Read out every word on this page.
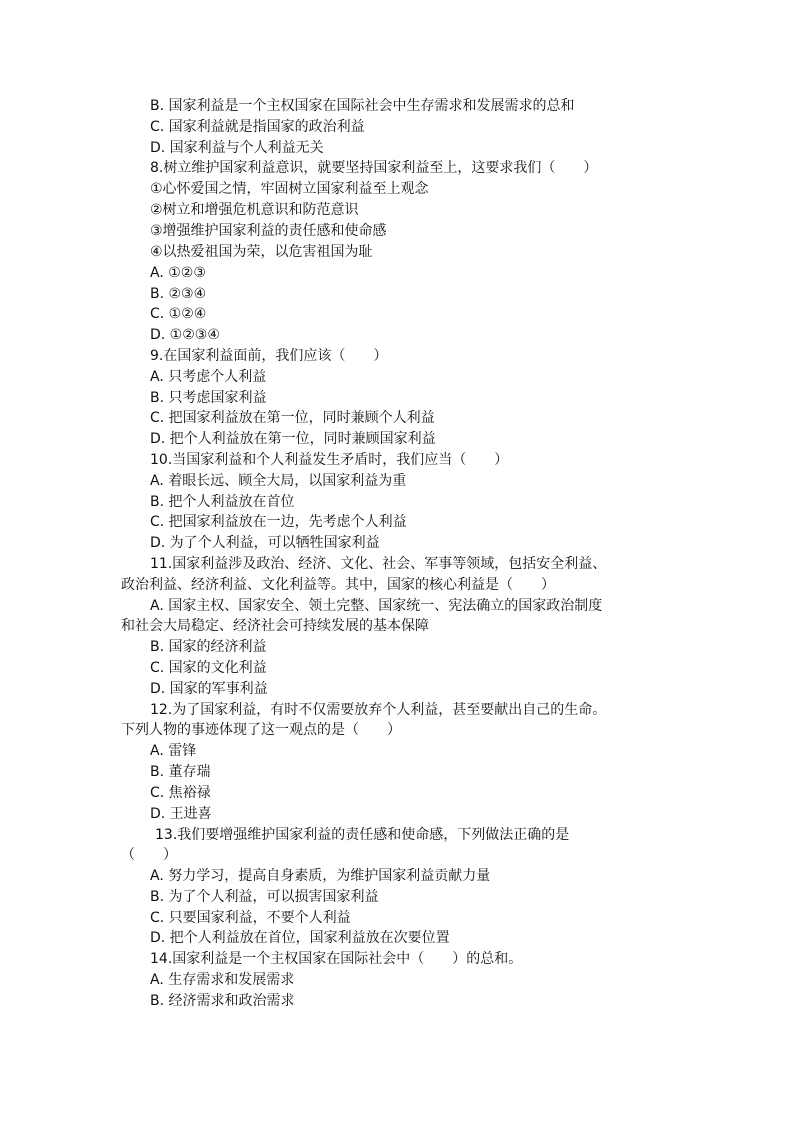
B. 国家利益是一个主权国家在国际社会中生存需求和发展需求的总和
C. 国家利益就是指国家的政治利益
D. 国家利益与个人利益无关
8.树立维护国家利益意识，就要坚持国家利益至上，这要求我们（　　）
①心怀爱国之情，牢固树立国家利益至上观念
②树立和增强危机意识和防范意识
③增强维护国家利益的责任感和使命感
④以热爱祖国为荣，以危害祖国为耻
A. ①②③
B. ②③④
C. ①②④
D. ①②③④
9.在国家利益面前，我们应该（　　）
A. 只考虑个人利益
B. 只考虑国家利益
C. 把国家利益放在第一位，同时兼顾个人利益
D. 把个人利益放在第一位，同时兼顾国家利益
10.当国家利益和个人利益发生矛盾时，我们应当（　　）
A. 着眼长远、顾全大局，以国家利益为重
B. 把个人利益放在首位
C. 把国家利益放在一边，先考虑个人利益
D. 为了个人利益，可以牺牲国家利益
11.国家利益涉及政治、经济、文化、社会、军事等领域，包括安全利益、
政治利益、经济利益、文化利益等。其中，国家的核心利益是（　　）
A. 国家主权、国家安全、领土完整、国家统一、宪法确立的国家政治制度
和社会大局稳定、经济社会可持续发展的基本保障
B. 国家的经济利益
C. 国家的文化利益
D. 国家的军事利益
12.为了国家利益，有时不仅需要放弃个人利益，甚至要献出自己的生命。
下列人物的事迹体现了这一观点的是（　　）
A. 雷锋
B. 董存瑞
C. 焦裕禄
D. 王进喜
13.我们要增强维护国家利益的责任感和使命感，下列做法正确的是
（　　）
A. 努力学习，提高自身素质，为维护国家利益贡献力量
B. 为了个人利益，可以损害国家利益
C. 只要国家利益，不要个人利益
D. 把个人利益放在首位，国家利益放在次要位置
14.国家利益是一个主权国家在国际社会中（　　）的总和。
A. 生存需求和发展需求
B. 经济需求和政治需求
